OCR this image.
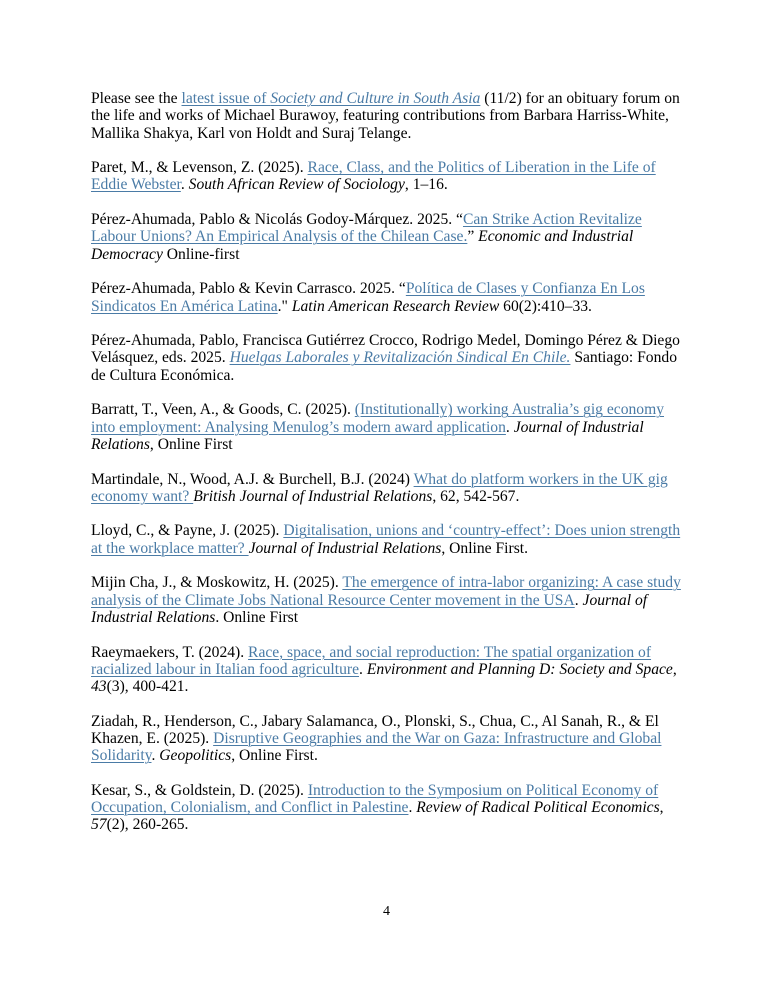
Please see the latest issue of Society and Culture in South Asia (11/2) for an obituary forum on the life and works of Michael Burawoy, featuring contributions from Barbara Harriss-White, Mallika Shakya, Karl von Holdt and Suraj Telange.

Paret, M., & Levenson, Z. (2025). Race, Class, and the Politics of Liberation in the Life of Eddie Webster. South African Review of Sociology, 1–16.

Pérez-Ahumada, Pablo & Nicolás Godoy-Márquez. 2025. “Can Strike Action Revitalize Labour Unions? An Empirical Analysis of the Chilean Case.” Economic and Industrial Democracy Online-first

Pérez-Ahumada, Pablo & Kevin Carrasco. 2025. “Política de Clases y Confianza En Los Sindicatos En América Latina." Latin American Research Review 60(2):410–33.

Pérez-Ahumada, Pablo, Francisca Gutiérrez Crocco, Rodrigo Medel, Domingo Pérez & Diego Velásquez, eds. 2025. Huelgas Laborales y Revitalización Sindical En Chile. Santiago: Fondo de Cultura Económica.

Barratt, T., Veen, A., & Goods, C. (2025). (Institutionally) working Australia’s gig economy into employment: Analysing Menulog’s modern award application. Journal of Industrial Relations, Online First

Martindale, N., Wood, A.J. & Burchell, B.J. (2024) What do platform workers in the UK gig economy want? British Journal of Industrial Relations, 62, 542-567.

Lloyd, C., & Payne, J. (2025). Digitalisation, unions and ‘country-effect’: Does union strength at the workplace matter? Journal of Industrial Relations, Online First.

Mijin Cha, J., & Moskowitz, H. (2025). The emergence of intra-labor organizing: A case study analysis of the Climate Jobs National Resource Center movement in the USA. Journal of Industrial Relations. Online First

Raeymaekers, T. (2024). Race, space, and social reproduction: The spatial organization of racialized labour in Italian food agriculture. Environment and Planning D: Society and Space, 43(3), 400-421.

Ziadah, R., Henderson, C., Jabary Salamanca, O., Plonski, S., Chua, C., Al Sanah, R., & El Khazen, E. (2025). Disruptive Geographies and the War on Gaza: Infrastructure and Global Solidarity. Geopolitics, Online First.

Kesar, S., & Goldstein, D. (2025). Introduction to the Symposium on Political Economy of Occupation, Colonialism, and Conflict in Palestine. Review of Radical Political Economics, 57(2), 260-265.

4
